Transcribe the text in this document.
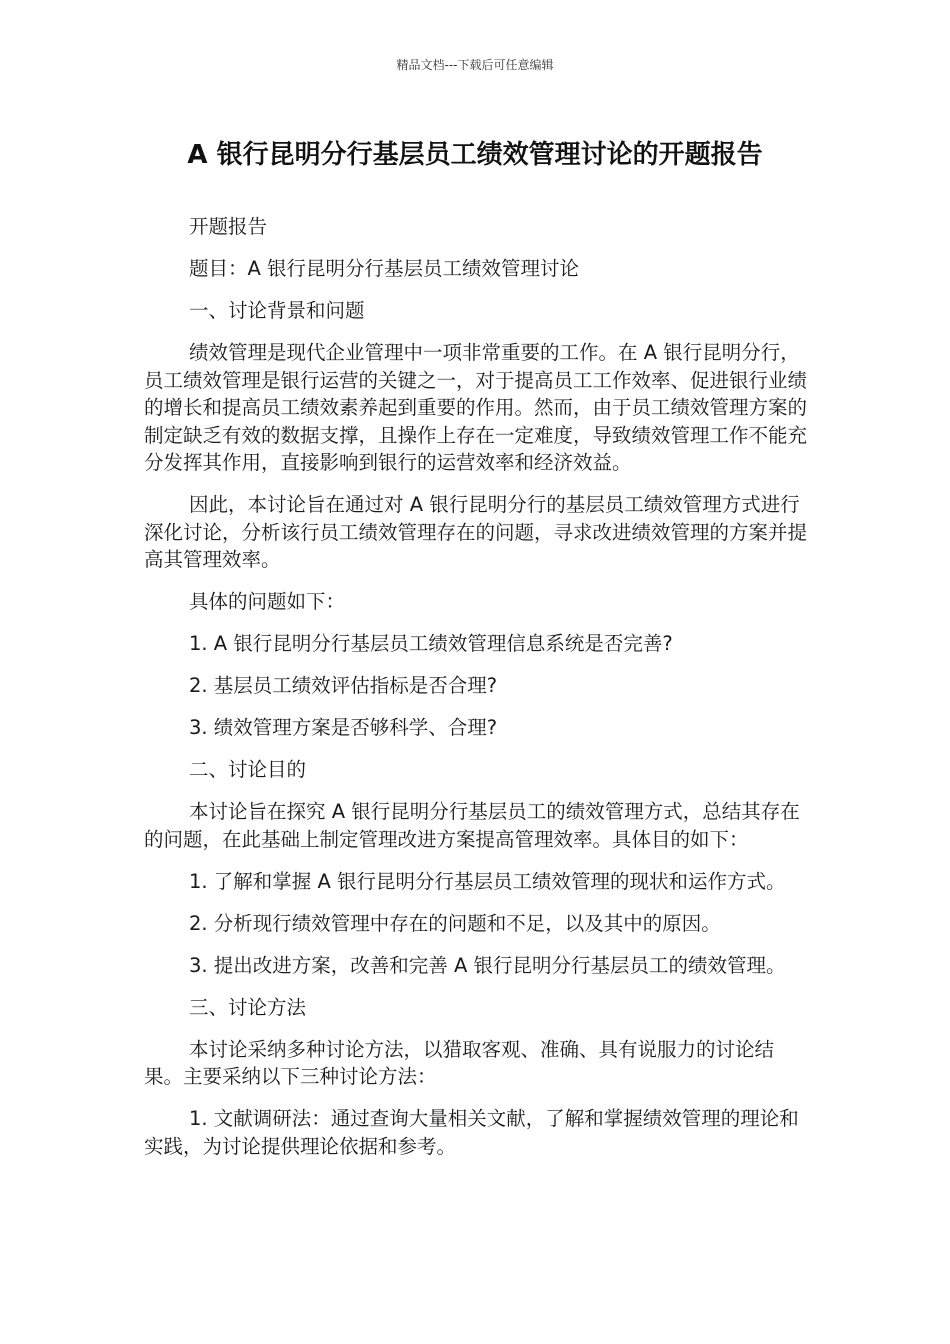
精品文档---下载后可任意编辑
A 银行昆明分行基层员工绩效管理讨论的开题报告

开题报告

题目：A 银行昆明分行基层员工绩效管理讨论

一、讨论背景和问题

绩效管理是现代企业管理中一项非常重要的工作。在 A 银行昆明分行，员工绩效管理是银行运营的关键之一，对于提高员工工作效率、促进银行业绩的增长和提高员工绩效素养起到重要的作用。然而，由于员工绩效管理方案的制定缺乏有效的数据支撑，且操作上存在一定难度，导致绩效管理工作不能充分发挥其作用，直接影响到银行的运营效率和经济效益。

因此，本讨论旨在通过对 A 银行昆明分行的基层员工绩效管理方式进行深化讨论，分析该行员工绩效管理存在的问题，寻求改进绩效管理的方案并提高其管理效率。

具体的问题如下：

1. A 银行昆明分行基层员工绩效管理信息系统是否完善?

2. 基层员工绩效评估指标是否合理?

3. 绩效管理方案是否够科学、合理?

二、讨论目的

本讨论旨在探究 A 银行昆明分行基层员工的绩效管理方式，总结其存在的问题，在此基础上制定管理改进方案提高管理效率。具体目的如下：

1. 了解和掌握 A 银行昆明分行基层员工绩效管理的现状和运作方式。

2. 分析现行绩效管理中存在的问题和不足，以及其中的原因。

3. 提出改进方案，改善和完善 A 银行昆明分行基层员工的绩效管理。

三、讨论方法

本讨论采纳多种讨论方法，以猎取客观、准确、具有说服力的讨论结果。主要采纳以下三种讨论方法：

1. 文献调研法：通过查询大量相关文献，了解和掌握绩效管理的理论和实践，为讨论提供理论依据和参考。
